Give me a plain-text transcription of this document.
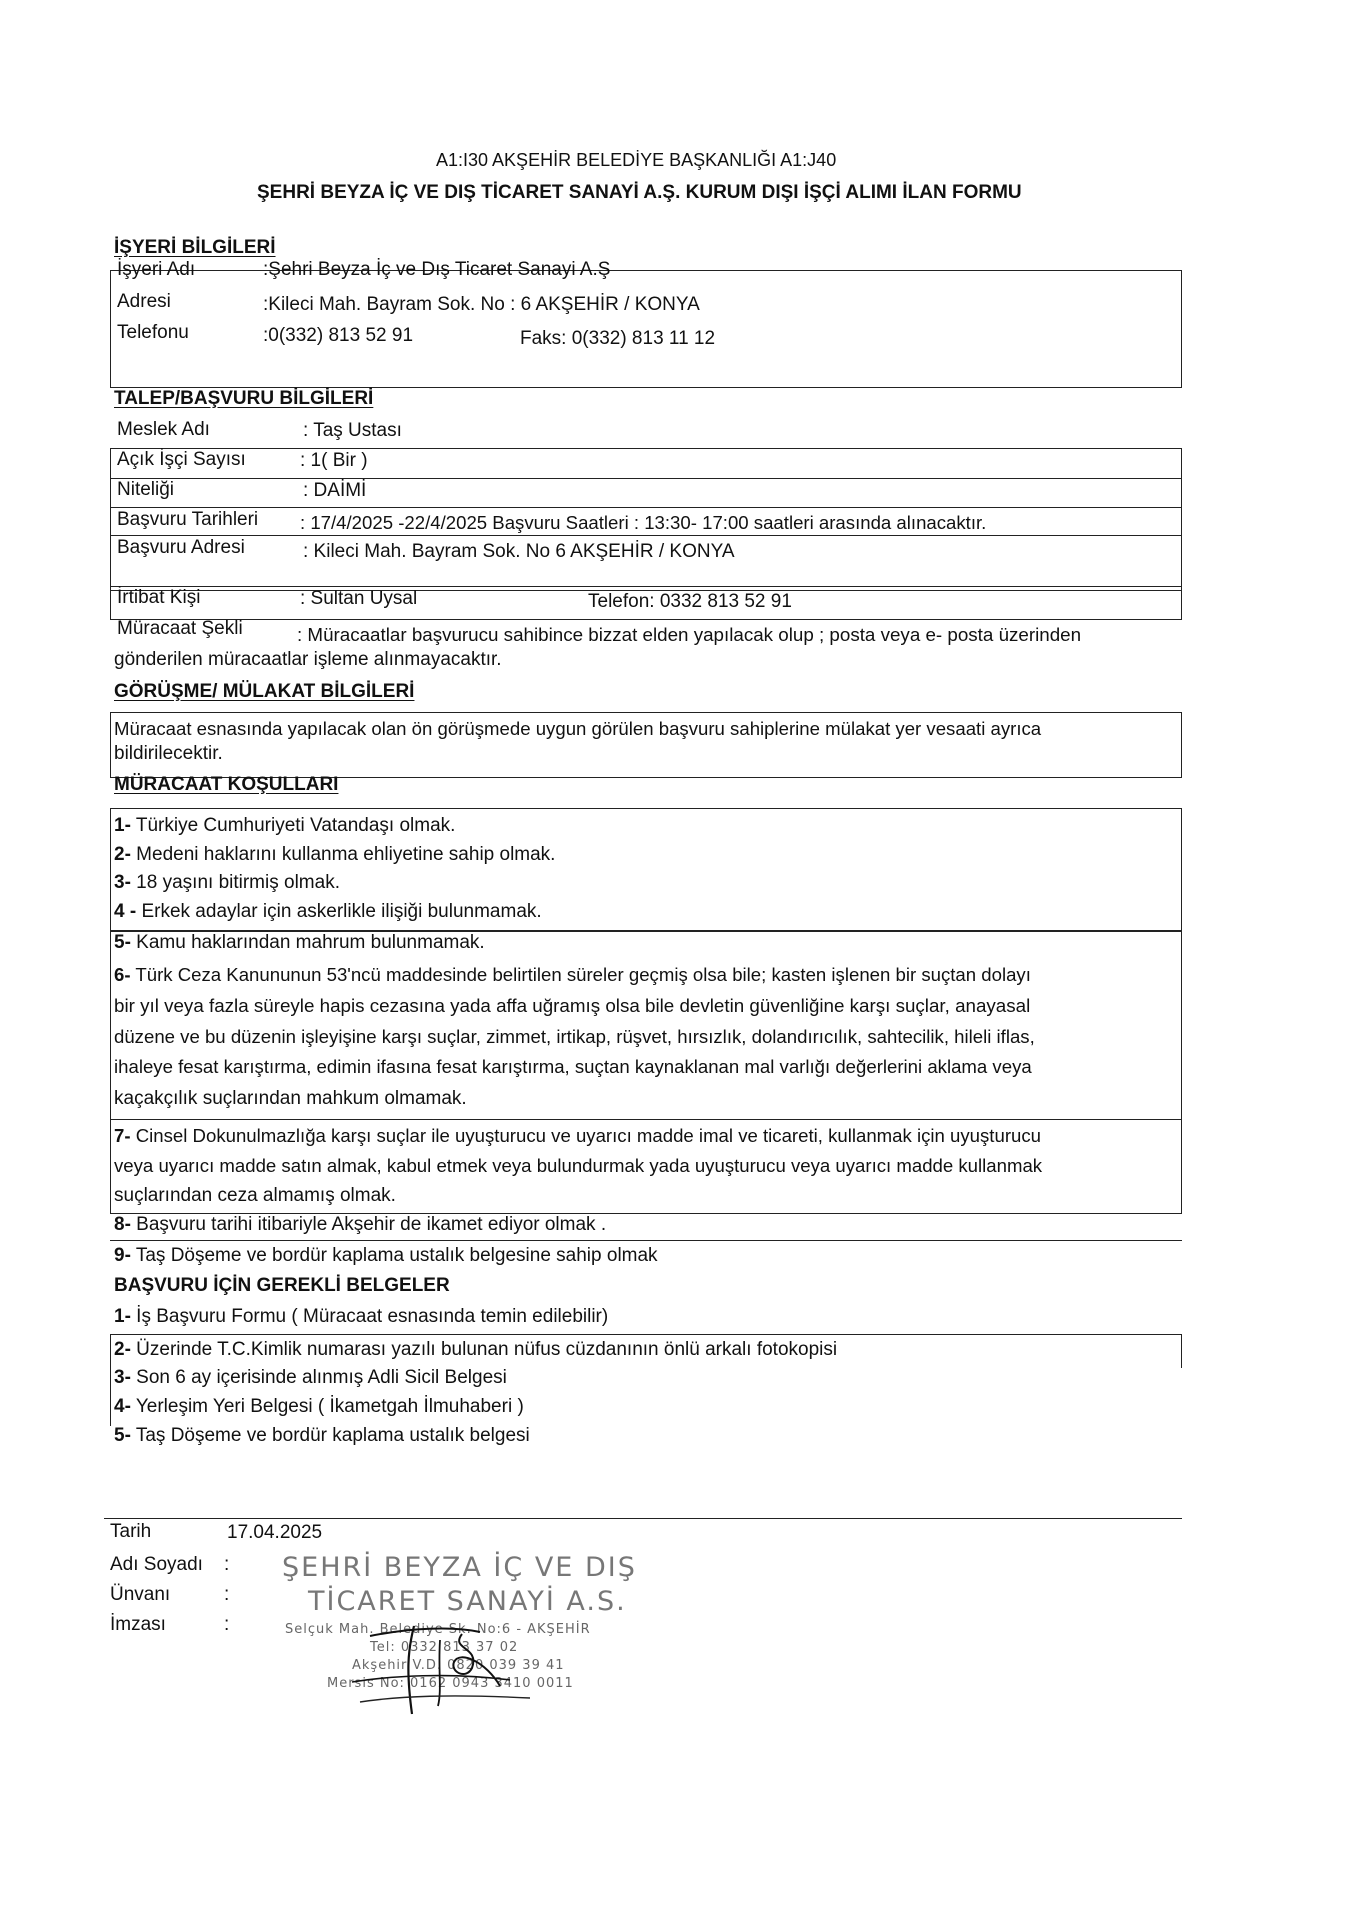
A1:I30 AKŞEHİR BELEDİYE BAŞKANLIĞI A1:J40
ŞEHRİ BEYZA İÇ VE DIŞ TİCARET SANAYİ A.Ş. KURUM DIŞI İŞÇİ ALIMI İLAN FORMU
İŞYERİ BİLGİLERİ
İşyeri Adı	:Şehri Beyza İç ve Dış Ticaret Sanayi A.Ş
Adresi	:Kileci Mah. Bayram Sok. No : 6 AKŞEHİR / KONYA
Telefonu	:0(332) 813 52 91	Faks: 0(332) 813 11 12
TALEP/BAŞVURU BİLGİLERİ
Meslek Adı	: Taş Ustası
Açık İşçi Sayısı	: 1( Bir )
Niteliği	: DAİMİ
Başvuru Tarihleri : 17/4/2025 -22/4/2025 Başvuru Saatleri : 13:30- 17:00 saatleri arasında alınacaktır.
Başvuru Adresi	: Kileci Mah. Bayram Sok. No 6 AKŞEHİR / KONYA
İrtibat Kişi	: Sultan Uysal	Telefon: 0332 813 52 91
Müracaat Şekli	: Müracaatlar başvurucu sahibince bizzat elden yapılacak olup ; posta veya e- posta üzerinden
gönderilen müracaatlar işleme alınmayacaktır.
GÖRÜŞME/ MÜLAKAT BİLGİLERİ
Müracaat esnasında yapılacak olan ön görüşmede uygun görülen başvuru sahiplerine mülakat yer vesaati ayrıca
bildirilecektir.
MÜRACAAT KOŞULLARI
1- Türkiye Cumhuriyeti Vatandaşı olmak.
2- Medeni haklarını kullanma ehliyetine sahip olmak.
3- 18 yaşını bitirmiş olmak.
4 - Erkek adaylar için askerlikle ilişiği bulunmamak.
5- Kamu haklarından mahrum bulunmamak.
6- Türk Ceza Kanununun 53'ncü maddesinde belirtilen süreler geçmiş olsa bile; kasten işlenen bir suçtan dolayı
bir yıl veya fazla süreyle hapis cezasına yada affa uğramış olsa bile devletin güvenliğine karşı suçlar, anayasal
düzene ve bu düzenin işleyişine karşı suçlar, zimmet, irtikap, rüşvet, hırsızlık, dolandırıcılık, sahtecilik, hileli iflas,
ihaleye fesat karıştırma, edimin ifasına fesat karıştırma, suçtan kaynaklanan mal varlığı değerlerini aklama veya
kaçakçılık suçlarından mahkum olmamak.
7- Cinsel Dokunulmazlığa karşı suçlar ile uyuşturucu ve uyarıcı madde imal ve ticareti, kullanmak için uyuşturucu
veya uyarıcı madde satın almak, kabul etmek veya bulundurmak yada uyuşturucu veya uyarıcı madde kullanmak
suçlarından ceza almamış olmak.
8- Başvuru tarihi itibariyle Akşehir de ikamet ediyor olmak .
9- Taş Döşeme ve bordür kaplama ustalık belgesine sahip olmak
BAŞVURU İÇİN GEREKLİ BELGELER
1- İş Başvuru Formu ( Müracaat esnasında temin edilebilir)
2- Üzerinde T.C.Kimlik numarası yazılı bulunan nüfus cüzdanının önlü arkalı fotokopisi
3- Son 6 ay içerisinde alınmış Adli Sicil Belgesi
4- Yerleşim Yeri Belgesi ( İkametgah İlmuhaberi )
5- Taş Döşeme ve bordür kaplama ustalık belgesi
Tarih	17.04.2025
Adı Soyadı :
Ünvanı	:
İmzası	:
ŞEHRİ BEYZA İÇ VE DIŞ
TİCARET SANAYİ A.S.
Selçuk Mah. Belediye Sk. No:6 - AKŞEHİR
Tel: 0332 813 37 02
Akşehir V.D. 0820 039 39 41
Mersis No: 0162 0943 3410 0011
